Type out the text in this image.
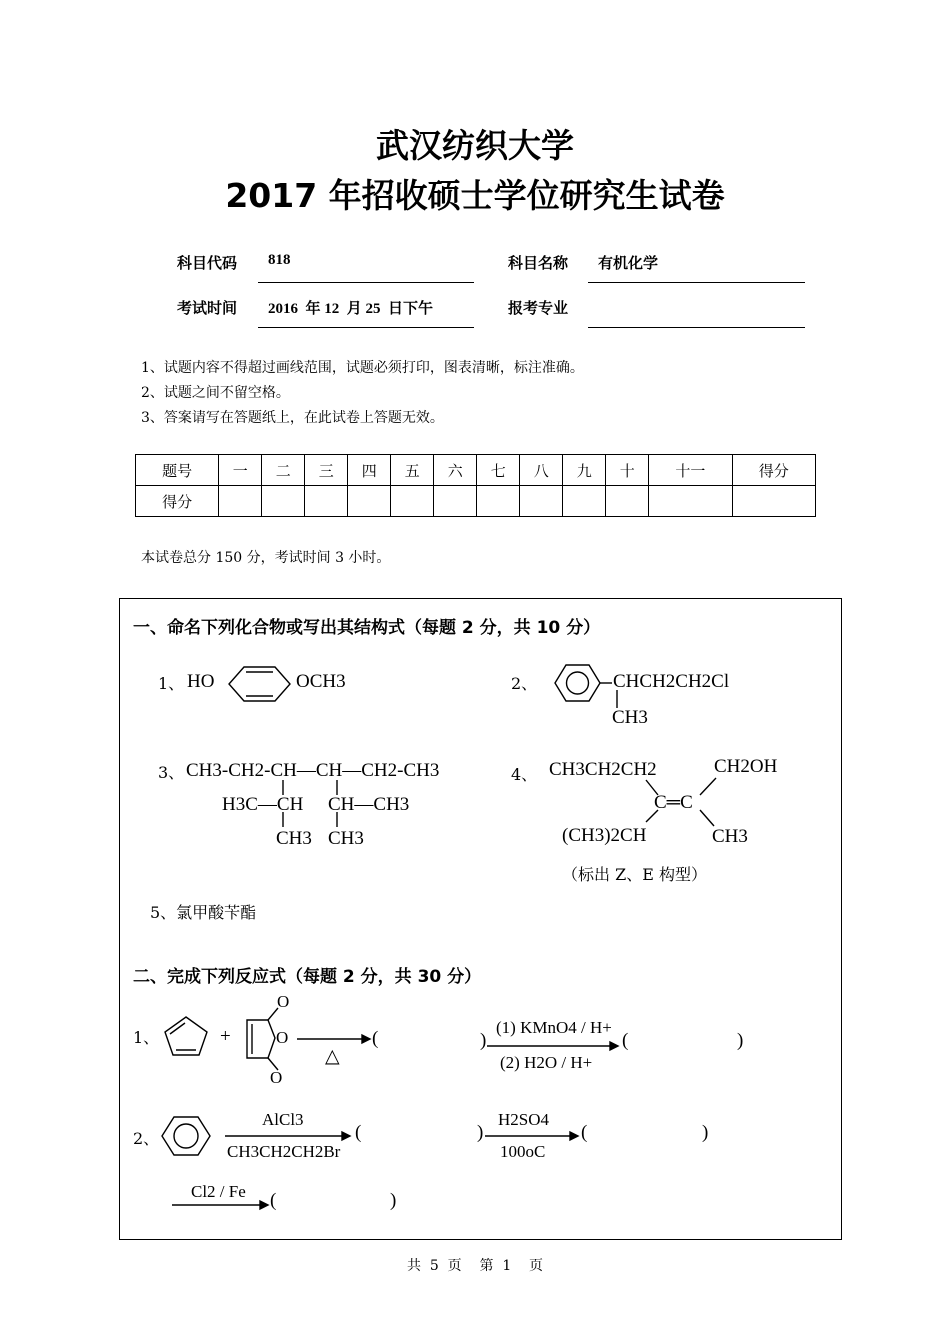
武汉纺织大学
2017 年招收硕士学位研究生试卷
科目代码 818	科目名称 有机化学
考试时间 2016  年 12  月 25  日下午	报考专业
1、试题内容不得超过画线范围，试题必须打印，图表清晰，标注准确。
2、试题之间不留空格。
3、答案请写在答题纸上，在此试卷上答题无效。
题号	一	二	三	四	五	六	七	八	九	十	十一	得分
得分												
本试卷总分 150 分，考试时间 3 小时。
一、命名下列化合物或写出其结构式（每题 2 分，共 10 分）
1、 HO	OCH3	2、	CHCH2CH2Cl
CH3
3、 CH3-CH2-CH—CH—CH2-CH3
H3C—CH CH—CH3
CH3 CH3
4、 CH3CH2CH2	CH2OH
C═C
(CH3)2CH	CH3
（标出 Z、E 构型）
5、氯甲酸苄酯
二、完成下列反应式（每题 2 分，共 30 分）
1、	+
O
O
O
△
(	)
(1) KMnO4 / H+
(2) H2O / H+
(	)
2、
AlCl3
CH3CH2CH2Br
(	)
H2SO4
100oC
(	)
Cl2 / Fe (	)
共  5  页    第  1    页
